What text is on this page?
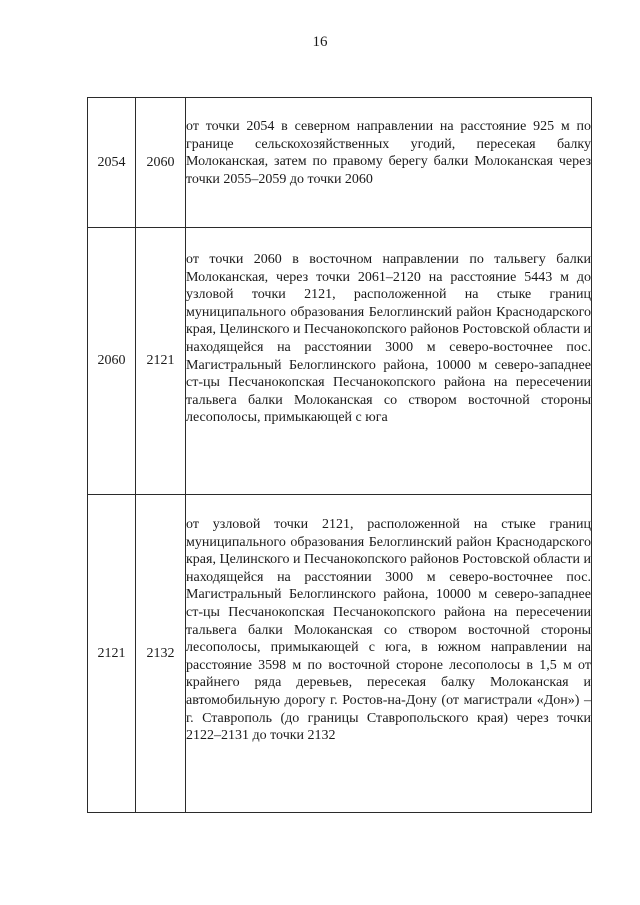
16
2054	2060	от точки 2054 в северном направлении на расстояние 925 м по границе сельскохозяйственных угодий, пересекая балку Молоканская, затем по правому берегу балки Молоканская через точки 2055–2059 до точки 2060
2060	2121	от точки 2060 в восточном направлении по тальвегу балки Молоканская, через точки 2061–2120 на расстояние 5443 м до узловой точки 2121, расположенной на стыке границ муниципального образования Белоглинский район Краснодарского края, Целинского и Песчанокопского районов Ростовской области и находящейся на расстоянии 3000 м северо-восточнее пос. Магистральный Белоглинского района, 10000 м северо-западнее ст-цы Песчанокопская Песчанокопского района на пересечении тальвега балки Молоканская со створом восточной стороны лесополосы, примыкающей с юга
2121	2132	от узловой точки 2121, расположенной на стыке границ муниципального образования Белоглинский район Краснодарского края, Целинского и Песчанокопского районов Ростовской области и находящейся на расстоянии 3000 м северо-восточнее пос. Магистральный Белоглинского района, 10000 м северо-западнее ст-цы Песчанокопская Песчанокопского района на пересечении тальвега балки Молоканская со створом восточной стороны лесополосы, примыкающей с юга, в южном направлении на расстояние 3598 м по восточной стороне лесополосы в 1,5 м от крайнего ряда деревьев, пересекая балку Молоканская и автомобильную дорогу г. Ростов-на-Дону (от магистрали «Дон») – г. Ставрополь (до границы Ставропольского края) через точки 2122–2131 до точки 2132
